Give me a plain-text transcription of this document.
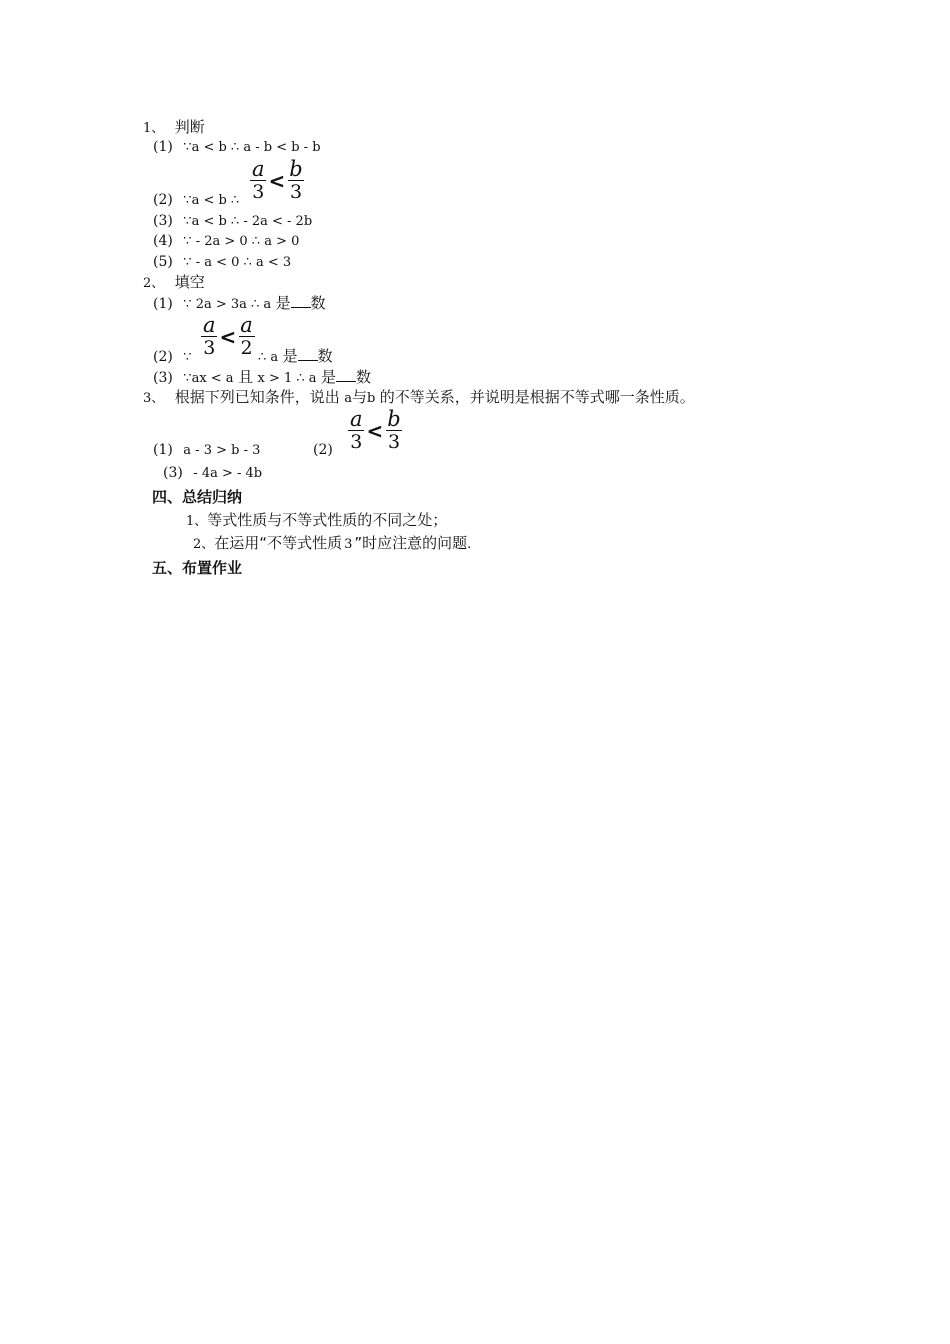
1、 判断
(1) ∵a < b ∴ a - b < b - b
$\frac{a}{3} < \frac{b}{3}$
(2) ∵a < b ∴
(3) ∵a < b ∴ - 2a < - 2b
(4) ∵ - 2a > 0 ∴ a > 0
(5) ∵ - a < 0 ∴ a < 3
2、 填空
(1) ∵ 2a > 3a ∴ a 是 数
$\frac{a}{3} < \frac{a}{2}$
(2) ∵	∴ a 是 数
(3) ∵ax < a 且 x > 1 ∴ a 是 数
3、 根据下列已知条件，说出 a与b 的不等关系，并说明是根据不等式哪一条性质。
$\frac{a}{3} < \frac{b}{3}$
(1) a - 3 > b - 3	(2)
(3) - 4a > - 4b
四、总结归纳
1、等式性质与不等式性质的不同之处；
2、在运用“不等式性质 3 ”时应注意的问题.
五、布置作业
